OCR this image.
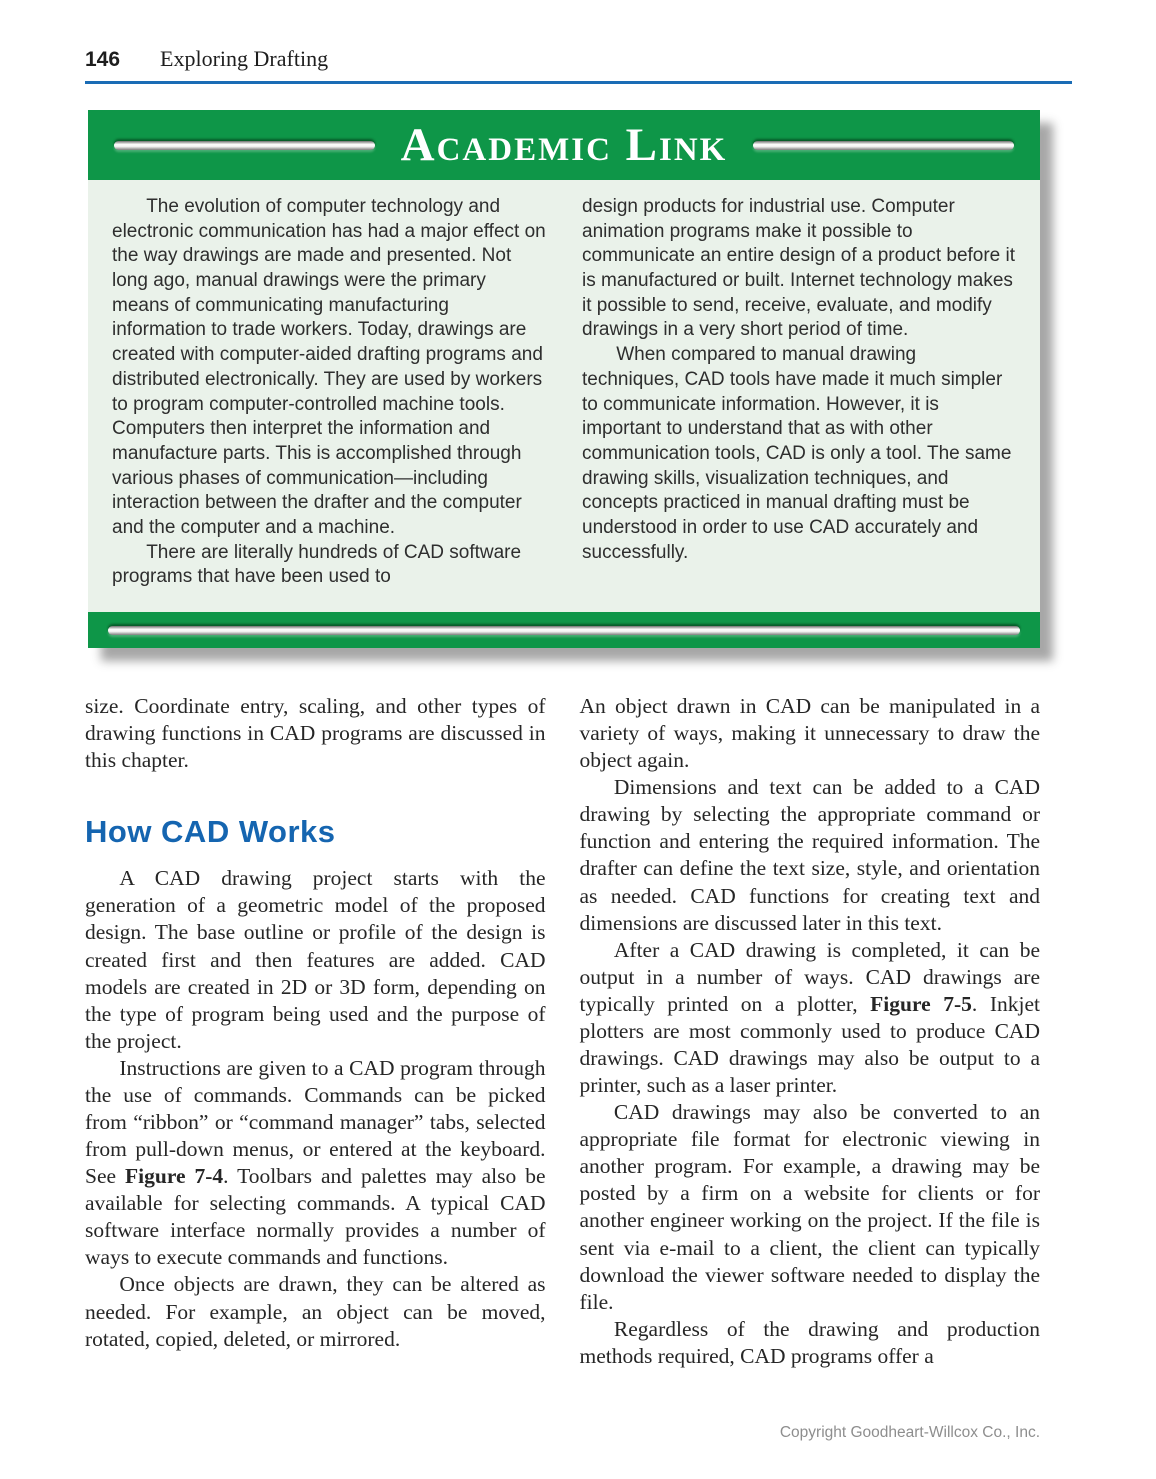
146 Exploring Drafting
Academic Link

The evolution of computer technology and electronic communication has had a major effect on the way drawings are made and presented. Not long ago, manual drawings were the primary means of communicating manufacturing information to trade workers. Today, drawings are created with computer-aided drafting programs and distributed electronically. They are used by workers to program computer-controlled machine tools. Computers then interpret the information and manufacture parts. This is accomplished through various phases of communication—including interaction between the drafter and the computer and the computer and a machine.

There are literally hundreds of CAD software programs that have been used to

design products for industrial use. Computer animation programs make it possible to communicate an entire design of a product before it is manufactured or built. Internet technology makes it possible to send, receive, evaluate, and modify drawings in a very short period of time.

When compared to manual drawing techniques, CAD tools have made it much simpler to communicate information. However, it is important to understand that as with other communication tools, CAD is only a tool. The same drawing skills, visualization techniques, and concepts practiced in manual drafting must be understood in order to use CAD accurately and successfully.

size. Coordinate entry, scaling, and other types of drawing functions in CAD programs are discussed in this chapter.

How CAD Works

A CAD drawing project starts with the generation of a geometric model of the proposed design. The base outline or profile of the design is created first and then features are added. CAD models are created in 2D or 3D form, depending on the type of program being used and the purpose of the project.

Instructions are given to a CAD program through the use of commands. Commands can be picked from “ribbon” or “command manager” tabs, selected from pull-down menus, or entered at the keyboard. See Figure 7-4. Toolbars and palettes may also be available for selecting commands. A typical CAD software interface normally provides a number of ways to execute commands and functions.

Once objects are drawn, they can be altered as needed. For example, an object can be moved, rotated, copied, deleted, or mirrored.

An object drawn in CAD can be manipulated in a variety of ways, making it unnecessary to draw the object again.

Dimensions and text can be added to a CAD drawing by selecting the appropriate command or function and entering the required information. The drafter can define the text size, style, and orientation as needed. CAD functions for creating text and dimensions are discussed later in this text.

After a CAD drawing is completed, it can be output in a number of ways. CAD drawings are typically printed on a plotter, Figure 7-5. Inkjet plotters are most commonly used to produce CAD drawings. CAD drawings may also be output to a printer, such as a laser printer.

CAD drawings may also be converted to an appropriate file format for electronic viewing in another program. For example, a drawing may be posted by a firm on a website for clients or for another engineer working on the project. If the file is sent via e-mail to a client, the client can typically download the viewer software needed to display the file.

Regardless of the drawing and production methods required, CAD programs offer a

Copyright Goodheart-Willcox Co., Inc.
